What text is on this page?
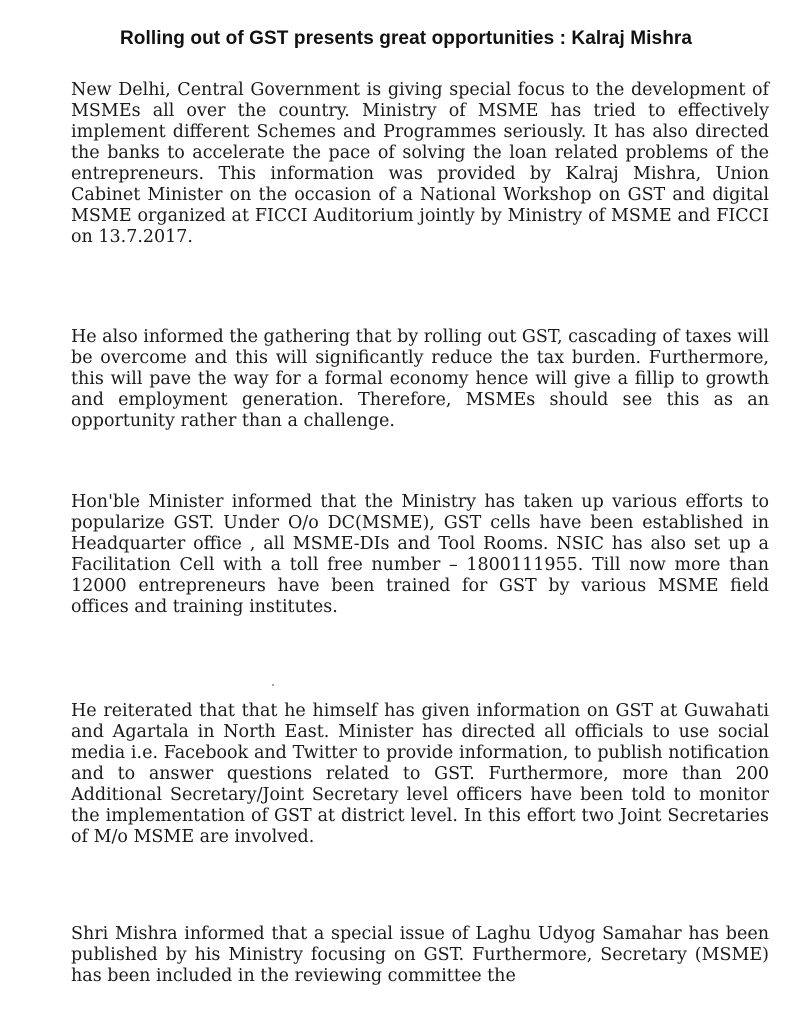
Rolling out of GST presents great opportunities : Kalraj Mishra

New Delhi, Central Government is giving special focus to the development of MSMEs all over the country. Ministry of MSME has tried to effectively implement different Schemes and Programmes seriously. It has also directed the banks to accelerate the pace of solving the loan related problems of the entrepreneurs. This information was provided by Kalraj Mishra, Union Cabinet Minister on the occasion of a National Workshop on GST and digital MSME organized at FICCI Auditorium jointly by Ministry of MSME and FICCI on 13.7.2017.

He also informed the gathering that by rolling out GST, cascading of taxes will be overcome and this will significantly reduce the tax burden. Furthermore, this will pave the way for a formal economy hence will give a fillip to growth and employment generation. Therefore, MSMEs should see this as an opportunity rather than a challenge.

Hon'ble Minister informed that the Ministry has taken up various efforts to popularize GST. Under O/o DC(MSME), GST cells have been established in Headquarter office , all MSME-DIs and Tool Rooms. NSIC has also set up a Facilitation Cell with a toll free number – 1800111955. Till now more than 12000 entrepreneurs have been trained for GST by various MSME field offices and training institutes.

He reiterated that that he himself has given information on GST at Guwahati and Agartala in North East. Minister has directed all officials to use social media i.e. Facebook and Twitter to provide information, to publish notification and to answer questions related to GST. Furthermore, more than 200 Additional Secretary/Joint Secretary level officers have been told to monitor the implementation of GST at district level. In this effort two Joint Secretaries of M/o MSME are involved.

Shri Mishra informed that a special issue of Laghu Udyog Samahar has been published by his Ministry focusing on GST. Furthermore, Secretary (MSME) has been included in the reviewing committee the
